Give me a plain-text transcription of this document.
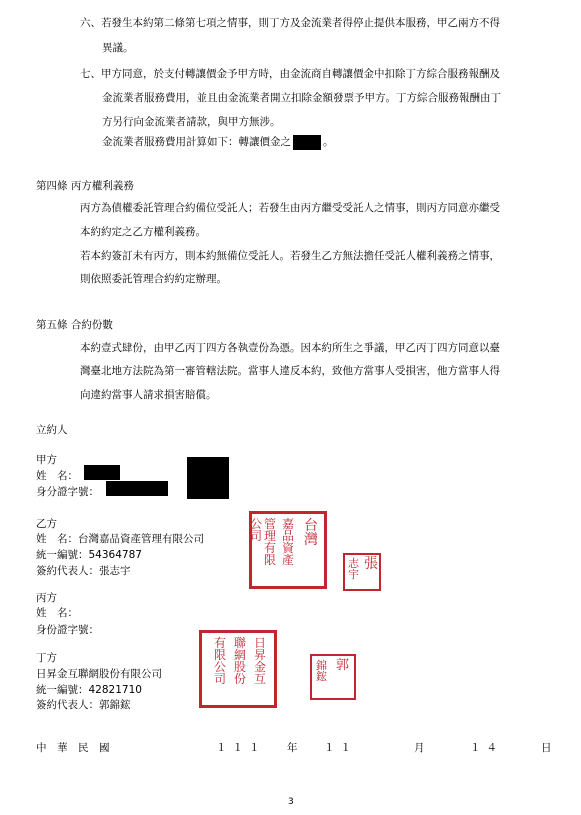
六、若發生本約第二條第七項之情事，則丁方及金流業者得停止提供本服務，甲乙兩方不得
異議。
七、甲方同意，於支付轉讓價金予甲方時，由金流商自轉讓價金中扣除丁方綜合服務報酬及
金流業者服務費用，並且由金流業者開立扣除金額發票予甲方。丁方綜合服務報酬由丁
方另行向金流業者請款，與甲方無涉。
金流業者服務費用計算如下：轉讓價金之	。
第四條 丙方權利義務
丙方為債權委託管理合約備位受託人；若發生由丙方繼受受託人之情事，則丙方同意亦繼受
本約約定之乙方權利義務。
若本約簽訂未有丙方，則本約無備位受託人。若發生乙方無法擔任受託人權利義務之情事，
則依照委託管理合約約定辦理。
第五條 合約份數
本約壹式肆份，由甲乙丙丁四方各執壹份為憑。因本約所生之爭議，甲乙丙丁四方同意以臺
灣臺北地方法院為第一審管轄法院。當事人違反本約，致他方當事人受損害，他方當事人得
向違約當事人請求損害賠償。
立約人
甲方
姓　名：
身分證字號：
乙方
姓　名：台灣嘉品資產管理有限公司
統一編號：54364787
簽約代表人：張志宇
台
灣
嘉
品
資
產
管
理
有
限
公
司
張
志
宇
丙方
姓　名：
身份證字號：
丁方
日昇金互聯網股份有限公司
統一編號：42821710
簽約代表人：郭錦鋐
日
昇
金
互
聯
網
股
份
有
限
公
司
郭
錦
鋐
中　華　民　國	１１１ 年	１１	月	１４	日
3
